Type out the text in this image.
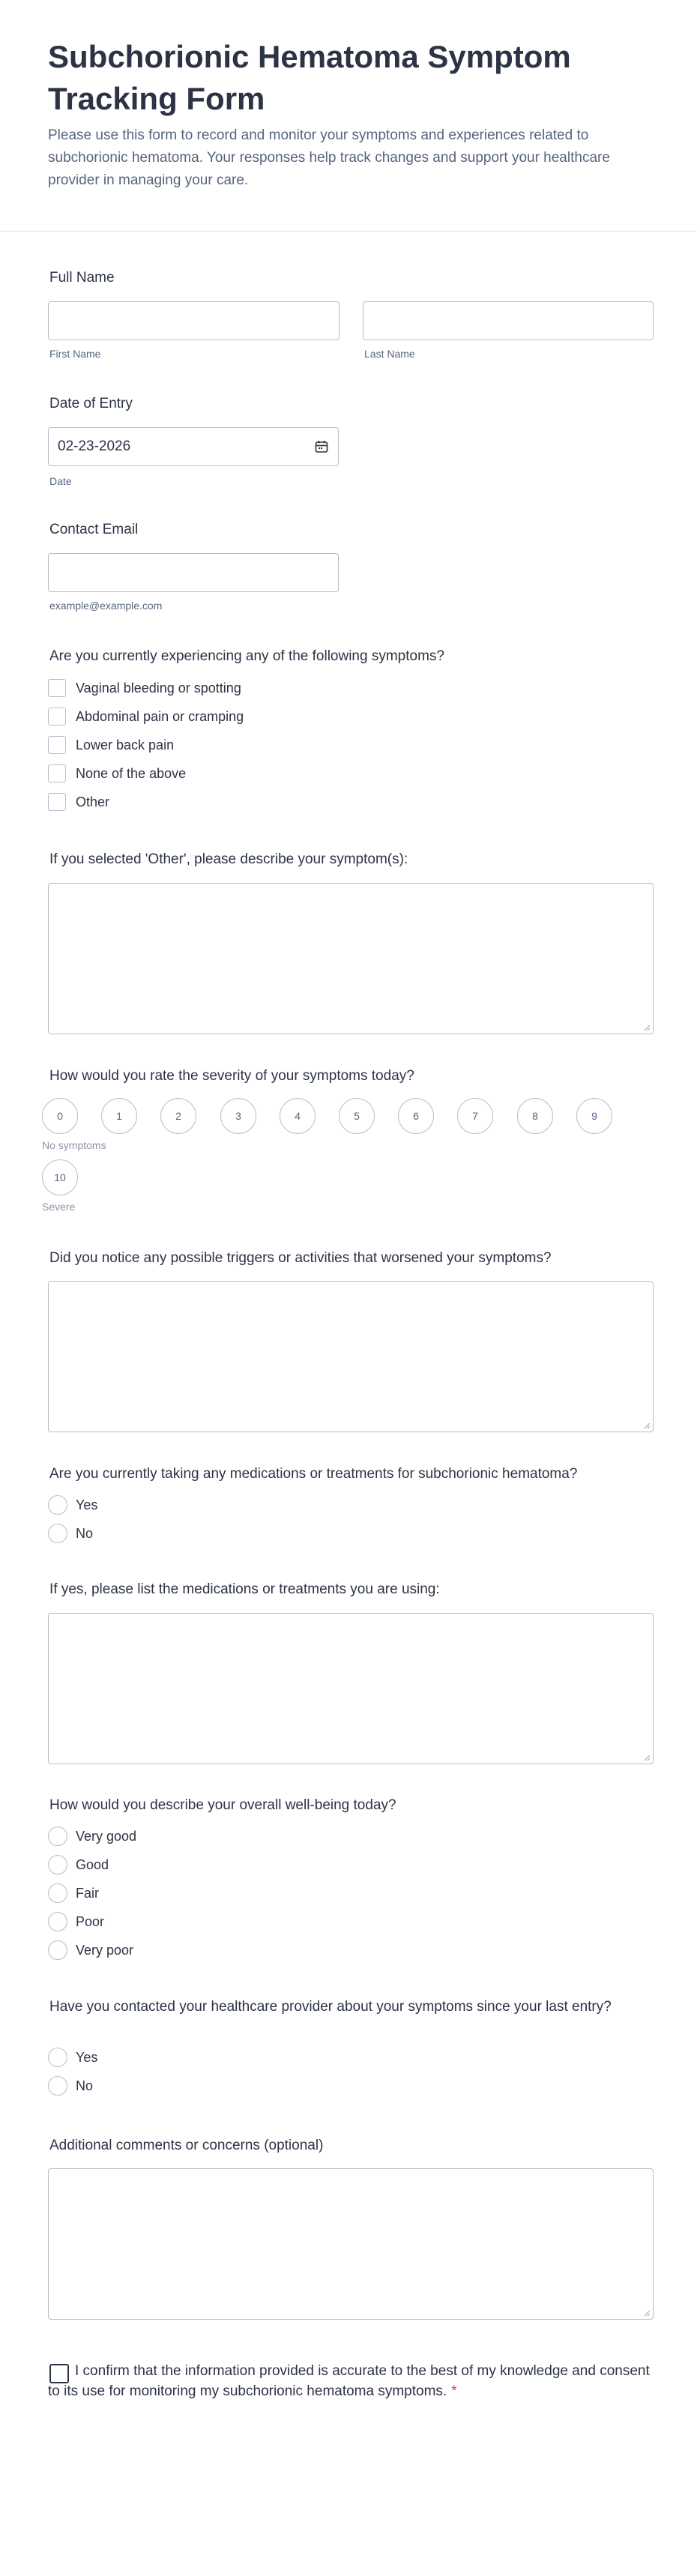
Subchorionic Hematoma Symptom Tracking Form

Please use this form to record and monitor your symptoms and experiences related to subchorionic hematoma. Your responses help track changes and support your healthcare provider in managing your care.

Full Name
First Name	Last Name
Date of Entry
02-23-2026
Date
Contact Email
example@example.com
Are you currently experiencing any of the following symptoms?
Vaginal bleeding or spotting
Abdominal pain or cramping
Lower back pain
None of the above
Other
If you selected 'Other', please describe your symptom(s):
How would you rate the severity of your symptoms today?
0	1	2	3	4	5	6	7	8	9
No symptoms
10
Severe
Did you notice any possible triggers or activities that worsened your symptoms?
Are you currently taking any medications or treatments for subchorionic hematoma?
Yes
No
If yes, please list the medications or treatments you are using:
How would you describe your overall well-being today?
Very good
Good
Fair
Poor
Very poor
Have you contacted your healthcare provider about your symptoms since your last entry?
Yes
No
Additional comments or concerns (optional)

I confirm that the information provided is accurate to the best of my knowledge and consent to its use for monitoring my subchorionic hematoma symptoms. *
